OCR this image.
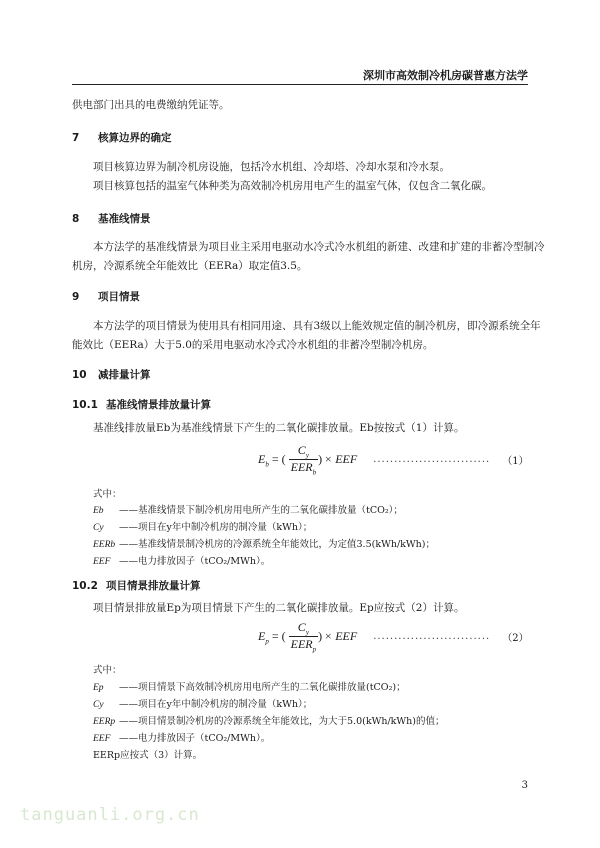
深圳市高效制冷机房碳普惠方法学
供电部门出具的电费缴纳凭证等。
7 核算边界的确定
项目核算边界为制冷机房设施，包括冷水机组、冷却塔、冷却水泵和冷水泵。
项目核算包括的温室气体种类为高效制冷机房用电产生的温室气体，仅包含二氧化碳。
8 基准线情景
本方法学的基准线情景为项目业主采用电驱动水冷式冷水机组的新建、改建和扩建的非蓄冷型制冷
机房，冷源系统全年能效比（EERa）取定值3.5。
9 项目情景
本方法学的项目情景为使用具有相同用途、具有3级以上能效规定值的制冷机房，即冷源系统全年
能效比（EERa）大于5.0的采用电驱动水冷式冷水机组的非蓄冷型制冷机房。
10 减排量计算
10.1 基准线情景排放量计算
基准线排放量Eb为基准线情景下产生的二氧化碳排放量。Eb按按式（1）计算。
$E_b$ = ( $\frac{C_y}{EER_b}$ ) × EEF ............................ （1）
式中：
Eb ——基准线情景下制冷机房用电所产生的二氧化碳排放量（tCO₂）；
Cy ——项目在y年中制冷机房的制冷量（kWh）；
EERb ——基准线情景制冷机房的冷源系统全年能效比，为定值3.5(kWh/kWh)；
EEF ——电力排放因子（tCO₂/MWh）。
10.2 项目情景排放量计算
项目情景排放量Ep为项目情景下产生的二氧化碳排放量。Ep应按式（2）计算。
$E_p$ = ( $\frac{C_y}{EER_p}$ ) × EEF ............................ （2）
式中：
Ep ——项目情景下高效制冷机房用电所产生的二氧化碳排放量(tCO₂)；
Cy ——项目在y年中制冷机房的制冷量（kWh）；
EERp ——项目情景制冷机房的冷源系统全年能效比，为大于5.0(kWh/kWh)的值；
EEF ——电力排放因子（tCO₂/MWh）。
EERp应按式（3）计算。
3
tanguanli.org.cn
